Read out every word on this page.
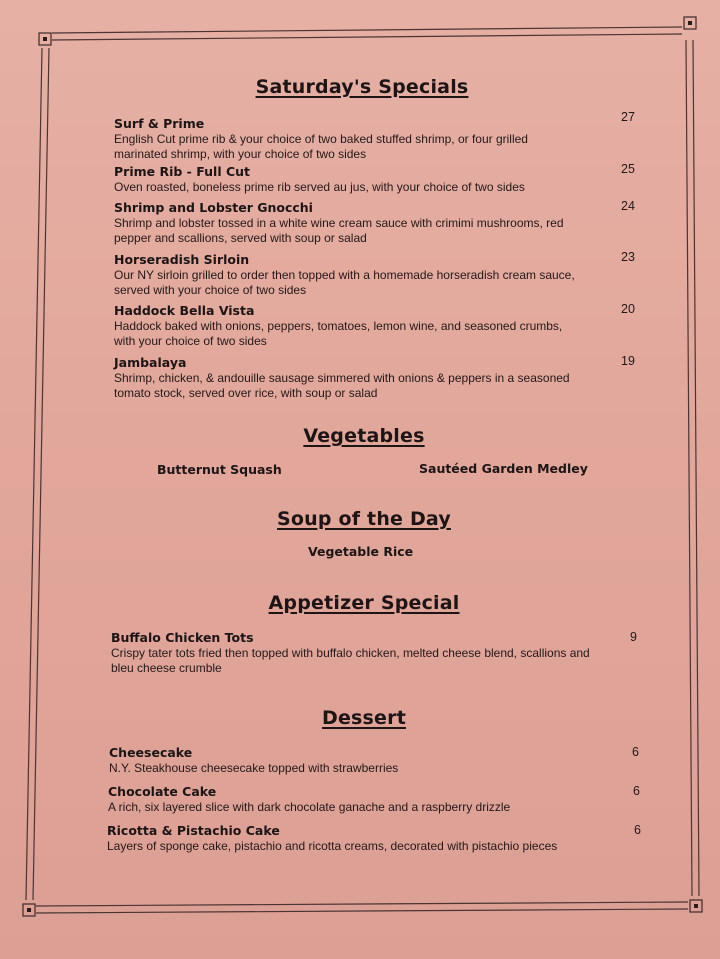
Saturday's Specials
Surf & Prime
English Cut prime rib & your choice of two baked stuffed shrimp, or four grilled marinated shrimp, with your choice of two sides
27
Prime Rib - Full Cut
Oven roasted, boneless prime rib served au jus, with your choice of two sides
25
Shrimp and Lobster Gnocchi
Shrimp and lobster tossed in a white wine cream sauce with crimimi mushrooms, red pepper and scallions, served with soup or salad
24
Horseradish Sirloin
Our NY sirloin grilled to order then topped with a homemade horseradish cream sauce, served with your choice of two sides
23
Haddock Bella Vista
Haddock baked with onions, peppers, tomatoes, lemon wine, and seasoned crumbs, with your choice of two sides
20
Jambalaya
Shrimp, chicken, & andouille sausage simmered with onions & peppers in a seasoned tomato stock, served over rice, with soup or salad
19
Vegetables
Butternut Squash	Sautéed Garden Medley
Soup of the Day
Vegetable Rice
Appetizer Special
Buffalo Chicken Tots
Crispy tater tots fried then topped with buffalo chicken, melted cheese blend, scallions and bleu cheese crumble
9
Dessert
Cheesecake
N.Y. Steakhouse cheesecake topped with strawberries
6
Chocolate Cake
A rich, six layered slice with dark chocolate ganache and a raspberry drizzle
6
Ricotta & Pistachio Cake
Layers of sponge cake, pistachio and ricotta creams, decorated with pistachio pieces
6
